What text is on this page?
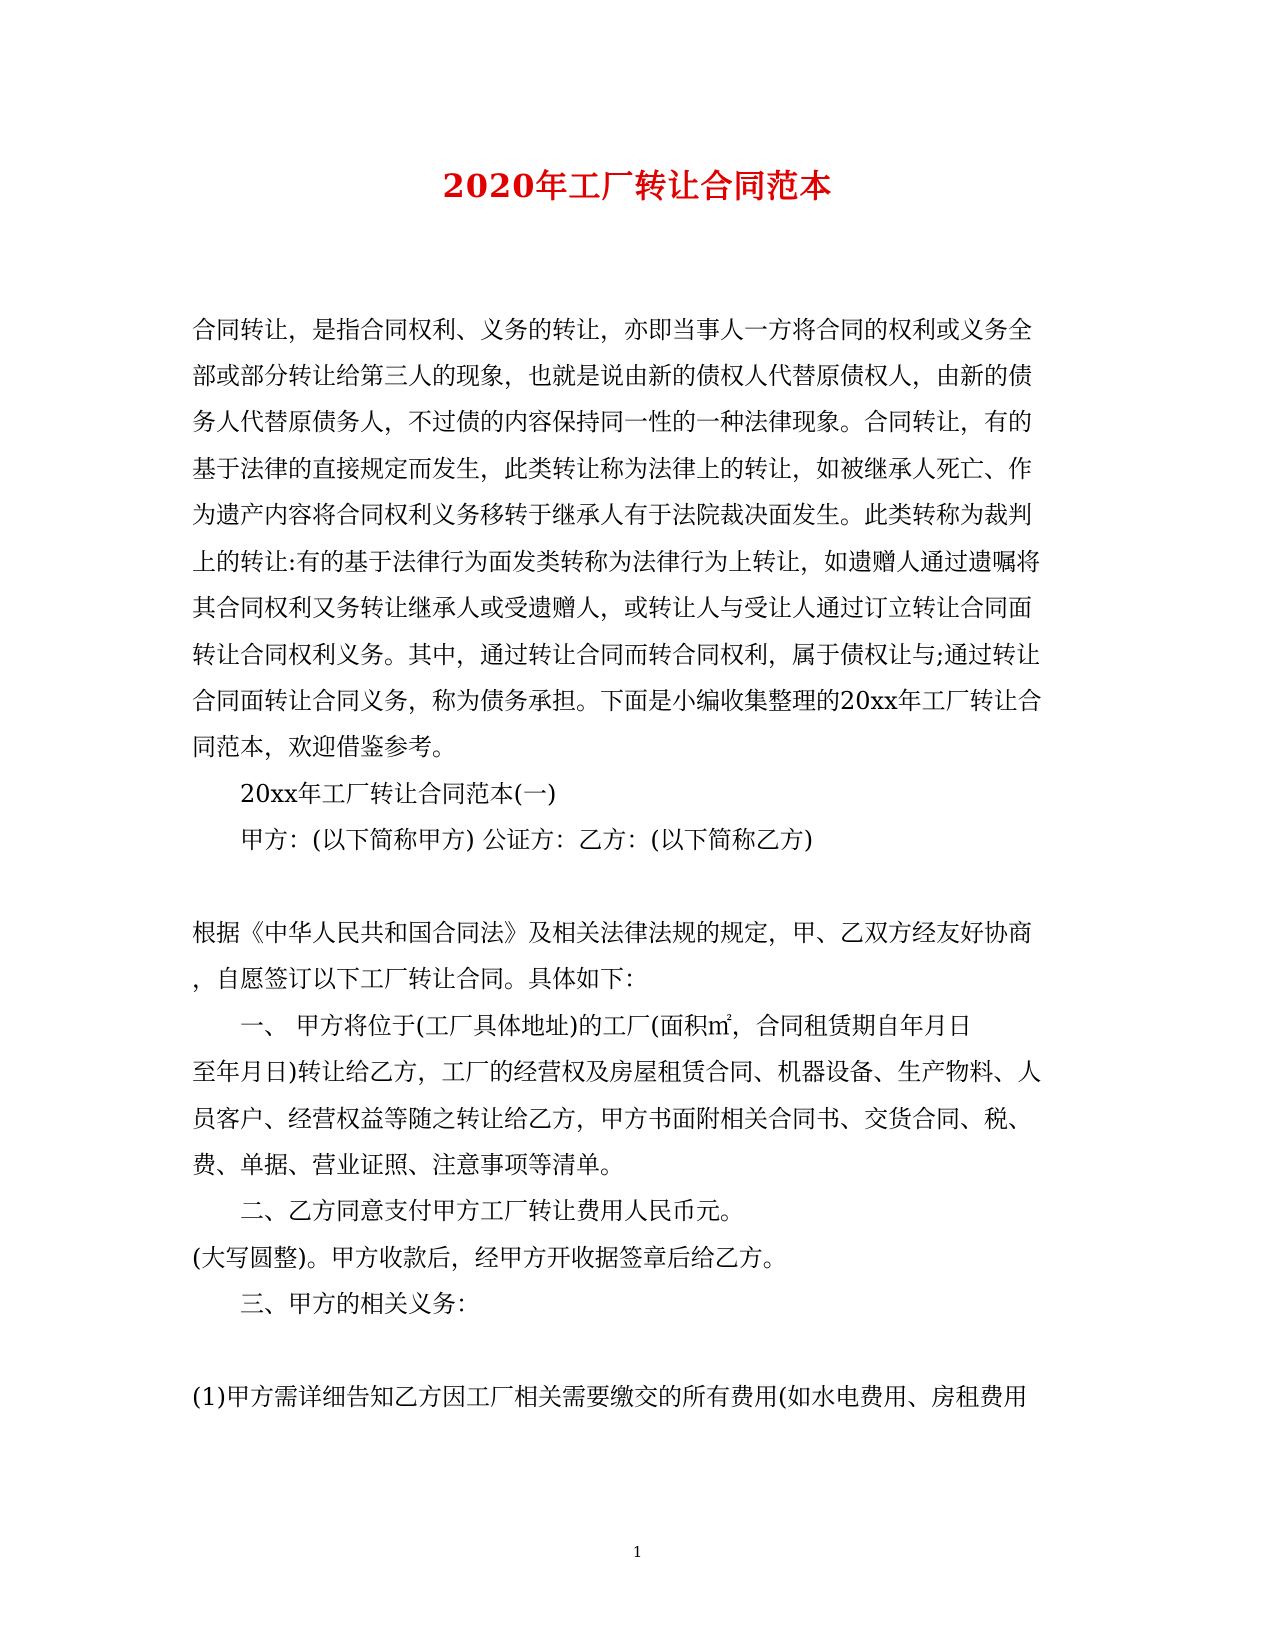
2020年工厂转让合同范本
合同转让，是指合同权利、义务的转让，亦即当事人一方将合同的权利或义务全
部或部分转让给第三人的现象，也就是说由新的债权人代替原债权人，由新的债
务人代替原债务人，不过债的内容保持同一性的一种法律现象。合同转让，有的
基于法律的直接规定而发生，此类转让称为法律上的转让，如被继承人死亡、作
为遗产内容将合同权利义务移转于继承人有于法院裁决面发生。此类转称为裁判
上的转让:有的基于法律行为面发类转称为法律行为上转让，如遗赠人通过遗嘱将
其合同权利又务转让继承人或受遗赠人，或转让人与受让人通过订立转让合同面
转让合同权利义务。其中，通过转让合同而转合同权利，属于债权让与;通过转让
合同面转让合同义务，称为债务承担。下面是小编收集整理的20xx年工厂转让合
同范本，欢迎借鉴参考。
20xx年工厂转让合同范本(一)
甲方：(以下简称甲方) 公证方：乙方：(以下简称乙方)
根据《中华人民共和国合同法》及相关法律法规的规定，甲、乙双方经友好协商
，自愿签订以下工厂转让合同。具体如下：
一、 甲方将位于(工厂具体地址)的工厂(面积㎡，合同租赁期自年月日
至年月日)转让给乙方，工厂的经营权及房屋租赁合同、机器设备、生产物料、人
员客户、经营权益等随之转让给乙方，甲方书面附相关合同书、交货合同、税、
费、单据、营业证照、注意事项等清单。
二、乙方同意支付甲方工厂转让费用人民币元。
(大写圆整)。甲方收款后，经甲方开收据签章后给乙方。
三、甲方的相关义务：
(1)甲方需详细告知乙方因工厂相关需要缴交的所有费用(如水电费用、房租费用
1
